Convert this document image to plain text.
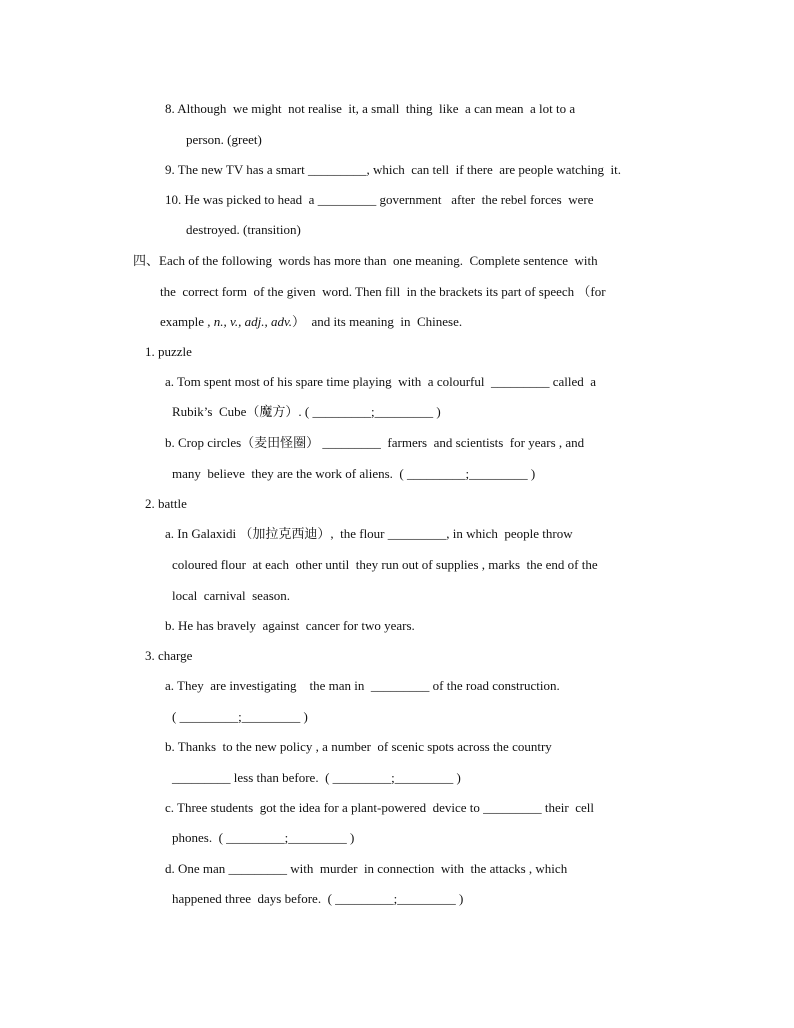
8. Although  we might  not realise  it, a small  thing  like  a can mean  a lot to a
person. (greet)
9. The new TV has a smart _________, which  can tell  if there  are people watching  it.
10. He was picked to head  a _________ government   after  the rebel forces  were
destroyed. (transition)
四、Each of the following  words has more than  one meaning.  Complete sentence  with
the  correct form  of the given  word. Then fill  in the brackets its part of speech （for
example , n., v., adj., adv.）  and its meaning  in  Chinese.
1. puzzle
a. Tom spent most of his spare time playing  with  a colourful  _________ called  a
Rubik’s  Cube（魔方）. ( _________;_________ )
b. Crop circles（麦田怪圈） _________  farmers  and scientists  for years , and
many  believe  they are the work of aliens.  ( _________;_________ )
2. battle
a. In Galaxidi （加拉克西迪）,  the flour _________, in which  people throw
coloured flour  at each  other until  they run out of supplies , marks  the end of the
local  carnival  season.
b. He has bravely  against  cancer for two years.
3. charge
a. They  are investigating    the man in  _________ of the road construction.
( _________;_________ )
b. Thanks  to the new policy , a number  of scenic spots across the country
_________ less than before.  ( _________;_________ )
c. Three students  got the idea for a plant-powered  device to _________ their  cell
phones.  ( _________;_________ )
d. One man _________ with  murder  in connection  with  the attacks , which
happened three  days before.  ( _________;_________ )
